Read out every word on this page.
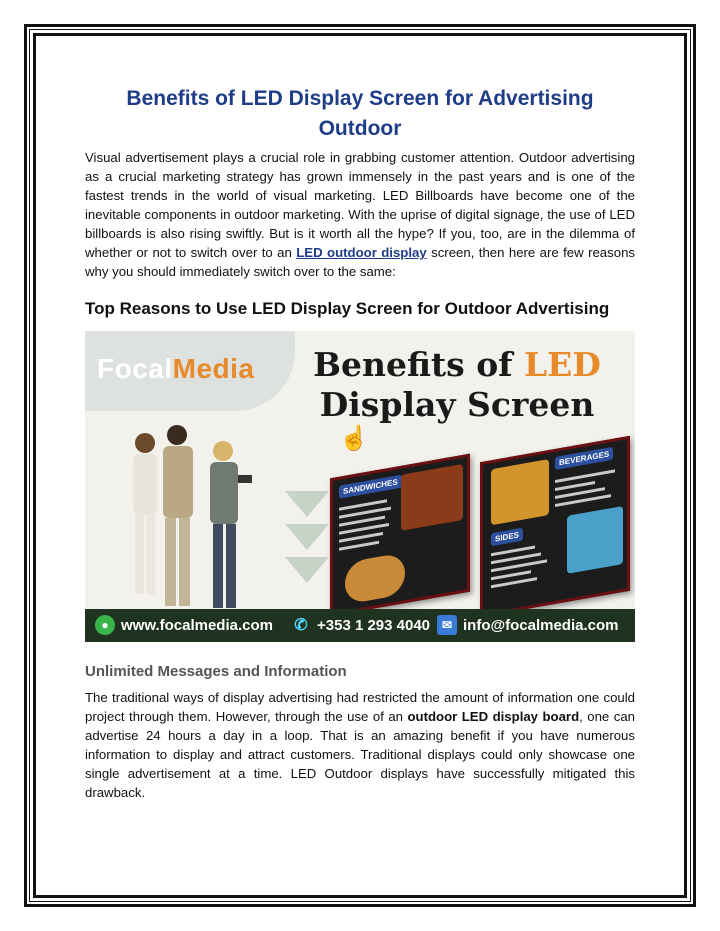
Benefits of LED Display Screen for Advertising Outdoor

Visual advertisement plays a crucial role in grabbing customer attention. Outdoor advertising as a crucial marketing strategy has grown immensely in the past years and is one of the fastest trends in the world of visual marketing. LED Billboards have become one of the inevitable components in outdoor marketing. With the uprise of digital signage, the use of LED billboards is also rising swiftly. But is it worth all the hype? If you, too, are in the dilemma of whether or not to switch over to an LED outdoor display screen, then here are few reasons why you should immediately switch over to the same:

Top Reasons to Use LED Display Screen for Outdoor Advertising
FocalMedia Benefits of LED
Display Screen
☝
SANDWICHES
BEVERAGES
SIDES
● www.focalmedia.com ✆ +353 1 293 4040 ✉ info@focalmedia.com
Unlimited Messages and Information

The traditional ways of display advertising had restricted the amount of information one could project through them. However, through the use of an outdoor LED display board, one can advertise 24 hours a day in a loop. That is an amazing benefit if you have numerous information to display and attract customers. Traditional displays could only showcase one single advertisement at a time. LED Outdoor displays have successfully mitigated this drawback.
